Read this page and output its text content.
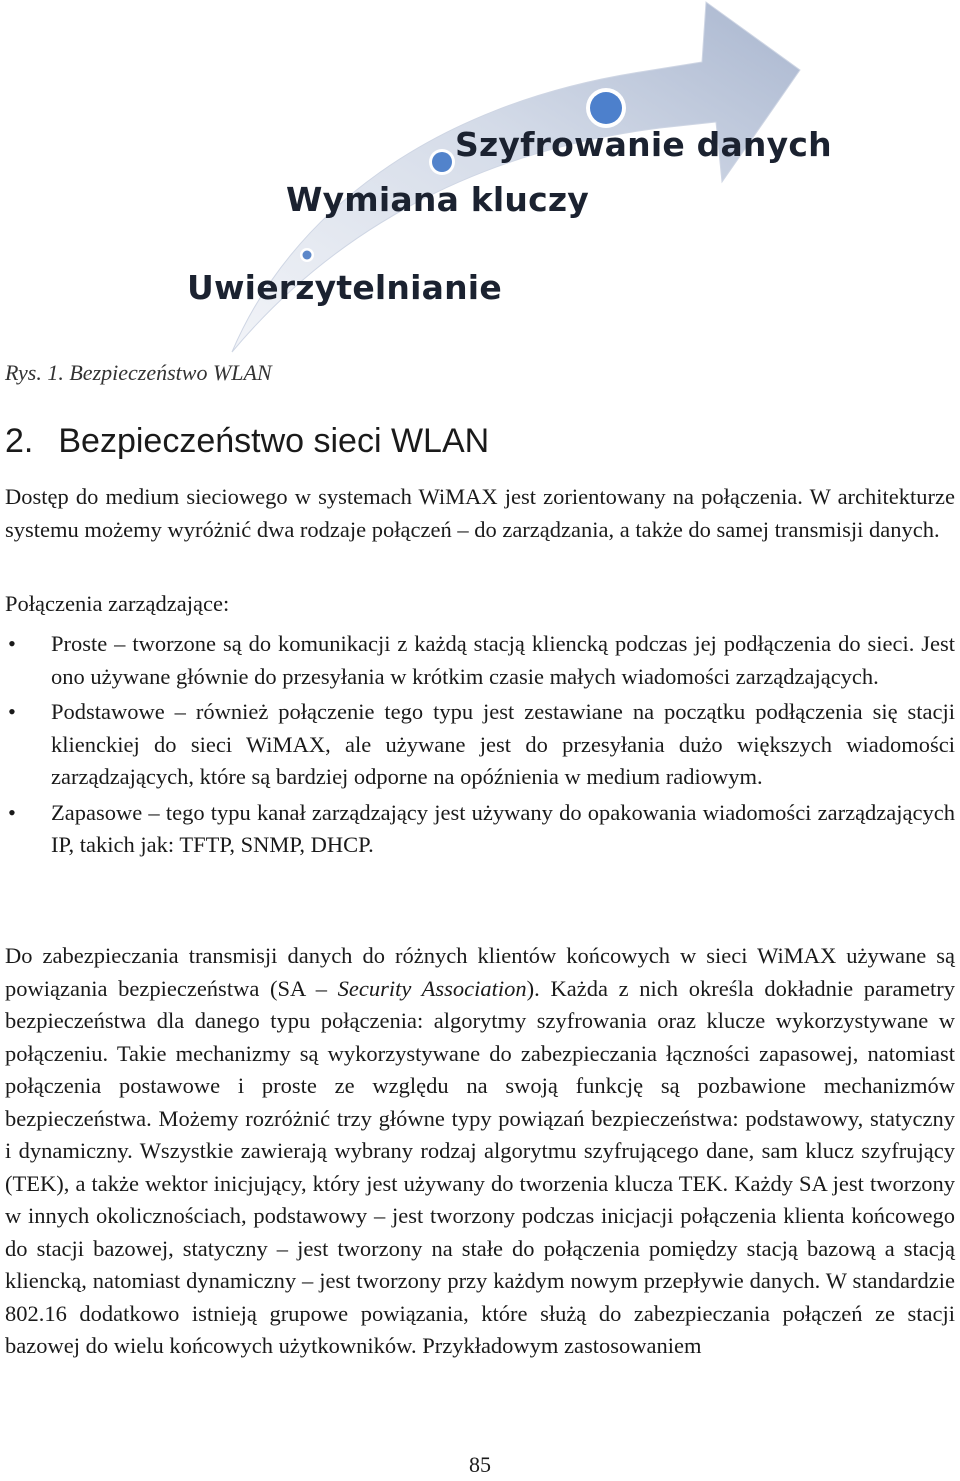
Uwierzytelnianie
Wymiana kluczy
Szyfrowanie danych
Rys. 1. Bezpieczeństwo WLAN
2. Bezpieczeństwo sieci WLAN

Dostęp do medium sieciowego w systemach WiMAX jest zorientowany na połączenia. W architekturze systemu możemy wyróżnić dwa rodzaje połączeń – do zarządzania, a także do samej transmisji danych.

Połączenia zarządzające:

• Proste – tworzone są do komunikacji z każdą stacją kliencką podczas jej podłączenia do sieci. Jest ono używane głównie do przesyłania w krótkim czasie małych wiadomości zarządzających.
• Podstawowe – również połączenie tego typu jest zestawiane na początku podłączenia się stacji klienckiej do sieci WiMAX, ale używane jest do przesyłania dużo większych wiadomości zarządzających, które są bardziej odporne na opóźnienia w medium radiowym.
• Zapasowe – tego typu kanał zarządzający jest używany do opakowania wiadomości zarządzających IP, takich jak: TFTP, SNMP, DHCP.

Do zabezpieczania transmisji danych do różnych klientów końcowych w sieci WiMAX używane są powiązania bezpieczeństwa (SA – Security Association). Każda z nich określa dokładnie parametry bezpieczeństwa dla danego typu połączenia: algorytmy szyfrowania oraz klucze wykorzystywane w połączeniu. Takie mechanizmy są wykorzystywane do zabezpieczania łączności zapasowej, natomiast połączenia postawowe i proste ze względu na swoją funkcję są pozbawione mechanizmów bezpieczeństwa. Możemy rozróżnić trzy główne typy powiązań bezpieczeństwa: podstawowy, statyczny i dynamiczny. Wszystkie zawierają wybrany rodzaj algorytmu szyfrującego dane, sam klucz szyfrujący (TEK), a także wektor inicjujący, który jest używany do tworzenia klucza TEK. Każdy SA jest tworzony w innych okolicznościach, podstawowy – jest tworzony podczas inicjacji połączenia klienta końcowego do stacji bazowej, statyczny – jest tworzony na stałe do połączenia pomiędzy stacją bazową a stacją kliencką, natomiast dynamiczny – jest tworzony przy każdym nowym przepływie danych. W standardzie 802.16 dodatkowo istnieją grupowe powiązania, które służą do zabezpieczania połączeń ze stacji bazowej do wielu końcowych użytkowników. Przykładowym zastosowaniem

85
